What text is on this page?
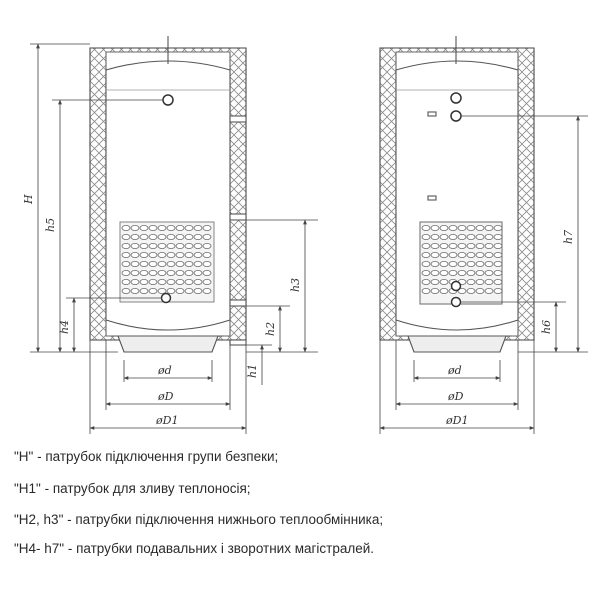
H
h5
h4
h3
h2
h1
ød
øD
øD1
h7
h6
ød
øD
øD1
"H" - патрубок підключення групи безпеки;
"H1" - патрубок для зливу теплоносія;
"H2, h3" - патрубки підключення нижнього теплообмінника;
"H4- h7" - патрубки подавальних і зворотних магістралей.
